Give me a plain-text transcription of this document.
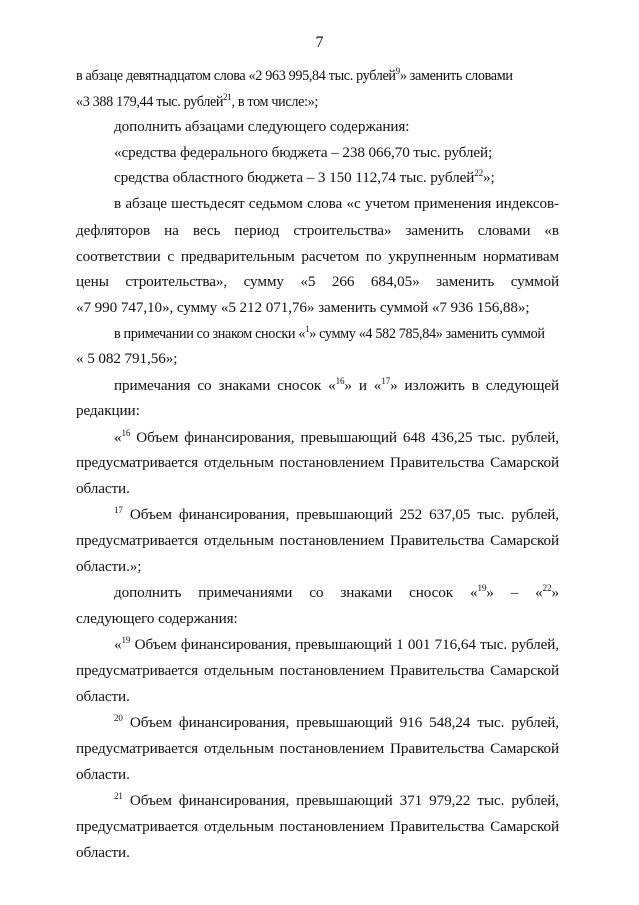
7
в абзаце девятнадцатом слова «2 963 995,84 тыс. рублей$^9$» заменить словами
«3 388 179,44 тыс. рублей$^{21}$, в том числе:»;
дополнить абзацами следующего содержания:
«средства федерального бюджета – 238 066,70 тыс. рублей;
средства областного бюджета – 3 150 112,74 тыс. рублей$^{22}$»;
в абзаце шестьдесят седьмом слова «с учетом применения индексов-
дефляторов на весь период строительства» заменить словами «в
соответствии с предварительным расчетом по укрупненным нормативам
цены строительства», сумму «5 266 684,05» заменить суммой
«7 990 747,10», сумму «5 212 071,76» заменить суммой «7 936 156,88»;
в примечании со знаком сноски «$^1$» сумму «4 582 785,84» заменить суммой
« 5 082 791,56»;
примечания со знаками сносок «$^{16}$» и «$^{17}$» изложить в следующей
редакции:
«$^{16}$ Объем финансирования, превышающий 648 436,25 тыс. рублей,
предусматривается отдельным постановлением Правительства Самарской
области.
$^{17}$ Объем финансирования, превышающий 252 637,05 тыс. рублей,
предусматривается отдельным постановлением Правительства Самарской
области.»;
дополнить примечаниями со знаками сносок «$^{19}$» – «$^{22}$»
следующего содержания:
«$^{19}$ Объем финансирования, превышающий 1 001 716,64 тыс. рублей,
предусматривается отдельным постановлением Правительства Самарской
области.
$^{20}$ Объем финансирования, превышающий 916 548,24 тыс. рублей,
предусматривается отдельным постановлением Правительства Самарской
области.
$^{21}$ Объем финансирования, превышающий 371 979,22 тыс. рублей,
предусматривается отдельным постановлением Правительства Самарской
области.
